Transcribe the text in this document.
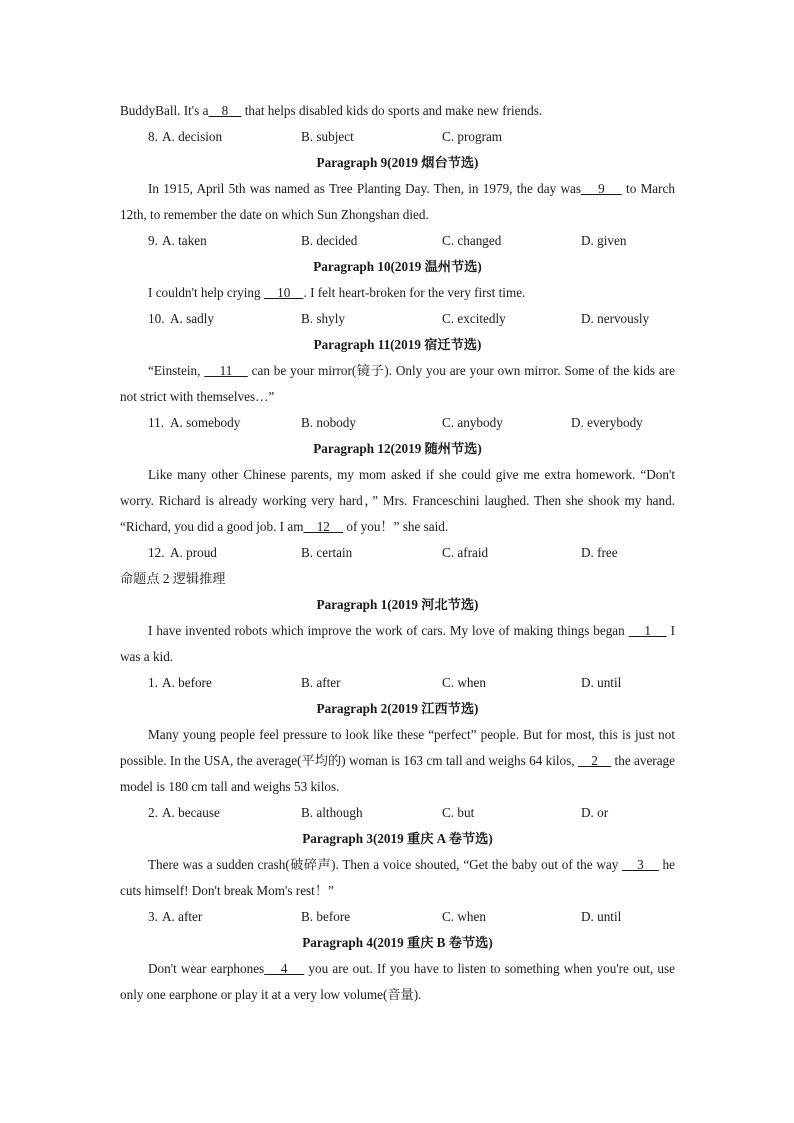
BuddyBall. It's a    8     that helps disabled kids do sports and make new friends.
8. A. decision	B. subject	C. program
Paragraph 9(2019 烟台节选)
In 1915, April 5th was named as Tree Planting Day. Then, in 1979, the day was    9     to March 12th, to remember the date on which Sun Zhongshan died.
9. A. taken	B. decided	C. changed	D. given
Paragraph 10(2019 温州节选)
I couldn't help crying     10    . I felt heart-broken for the very first time.
10. A. sadly	B. shyly	C. excitedly	D. nervously
Paragraph 11(2019 宿迁节选)
“Einstein,     11     can be your mirror(镜子). Only you are your own mirror. Some of the kids are not strict with themselves…”
11. A. somebody	B. nobody	C. anybody	D. everybody
Paragraph 12(2019 随州节选)
Like many other Chinese parents, my mom asked if she could give me extra homework. “Don't worry. Richard is already working very hard，” Mrs. Franceschini laughed. Then she shook my hand. “Richard, you did a good job. I am    12     of you！” she said.
12. A. proud	B. certain	C. afraid	D. free
命题点 2 逻辑推理
Paragraph 1(2019 河北节选)
I have invented robots which improve the work of cars. My love of making things began     1     I was a kid.
1. A. before	B. after	C. when	D. until
Paragraph 2(2019 江西节选)
Many young people feel pressure to look like these “perfect” people. But for most, this is just not possible. In the USA, the average(平均的) woman is 163 cm tall and weighs 64 kilos,     2     the average model is 180 cm tall and weighs 53 kilos.
2. A. because	B. although	C. but	D. or
Paragraph 3(2019 重庆 A 卷节选)
There was a sudden crash(破碎声). Then a voice shouted, “Get the baby out of the way     3     he cuts himself! Don't break Mom's rest！”
3. A. after	B. before	C. when	D. until
Paragraph 4(2019 重庆 B 卷节选)
Don't wear earphones    4     you are out. If you have to listen to something when you're out, use only one earphone or play it at a very low volume(音量).
